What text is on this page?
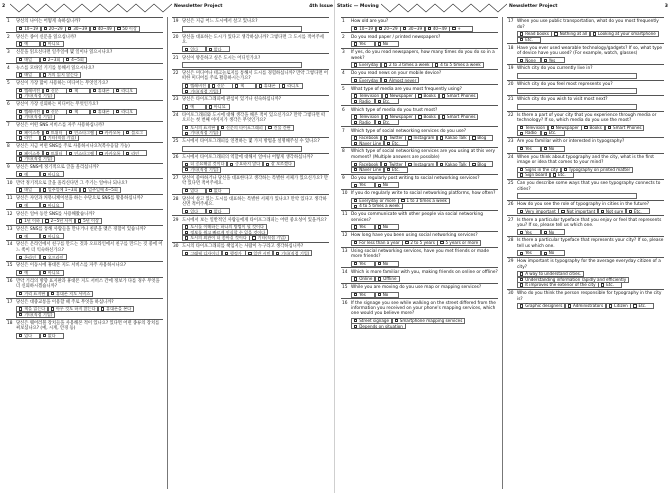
2	Newsletter Project	4th Issue
1	당신의 나이는 어떻게 속하십니까?
10~19	20~29	30~39	40~49	50 이상
2	당신은 종이 신문을 읽으십니까?
예	아니요
3	신문을 읽으신다면 일주일에 몇 일이나 읽으시나요?
매일	2~3회	4~5회
4	뉴스를 모바일 기기를 통해서 읽으시나요?
매일	거의 읽지 않는다
5	당신이 가장 많이 사용하는 미디어는 무엇인가요?
텔레비전	신문	책	휴대폰	라디오
기타(직접 기입)
6	당신이 가장 신뢰하는 미디어는 무엇인가요?
텔레비전	신문	책	휴대폰	라디오
기타(직접 기입)
7	당신은 어떤 SNS 서비스를 자주 사용하십니까?
페이스북	트위터	인스타그램	카카오톡	블로그
라인	기타(직접 기입)
8	당신은 지금 어떤 SNS를 주로 사용하시나요?(복수응답 가능)
페이스북	트위터	인스타그램	카카오톡	라인
기타(직접 기입)
9	당신은 SNS에 정기적으로 글을 올리십니까?
예	아니요
10 만약 정기적으로 글을 올리신다면 그 주기는 얼마나 되나요?
매일	일주일에 1~3회	일주일에 4~5회
11 당신은 자연과 커뮤니케이션을 하는 수단으로 SNS를 활용하십니까?
예	아니요
12 당신은 얼마 동안 SNS를 사용해왔습니까?
1년 이하	2~5년 사이	5년 이상
13 당신은 SNS를 통해 사람들을 만나거나 친분을 맺은 경험이 있습니까?
예	아니요
14 당신은 온라인에서 친구를 만드는 것과 오프라인에서 친구를 만드는 것 중에 어느 쪽이 더 익숙하신가요?
온라인	오프라인
15 당신은 이동시에 휴대폰 지도 서비스를 자주 사용하시나요?
예	아니요
16 만약 거리의 방향 표지판과 휴대폰 지도 서비스 간에 정보가 다를 경우 무엇을 더 신뢰하시겠습니까?
거리 표지판	휴대폰 지도 서비스
17 당신은 대중교통을 이용할 때 주로 무엇을 하십니까?
책을 읽는다	아무 것도 하지 않는다	휴대폰을 본다
기타(직접 기입)
18 당신은 웨어러블 장치들을 사용해본 적이 있나요? 있다면 어떤 종류의 장치를 써보셨나요? (예, 시계, 안경 등)
있다	없다
19 당신은 지금 어느 도시에서 살고 있나요?
20 당신을 대표하는 도시가 있다고 생각하십니까? 그렇다면 그 도시를 적어주세요.
있다	없다
21 당신이 방문하고 싶은 도시는 어디인가요?
22 당신은 미디어나 테크놀로지를 통해서 도시를 경험하십니까? 만약 그렇다면 어떠한 미디어를 주로 활용하시는가요?
텔레비전	신문	책	휴대폰	라디오
기타(직접 기입)
23 당신은 타이포그래피에 관심이 있거나 친숙하십니까?
예	아니요
24 타이포그래피와 도시에 대해 생각을 해본 적이 있으신가요? 만약 그렇다면 떠오르는 첫 번째 이미지가 생각은 무엇인가요?
도시의 표지판	신문의 타이포그래피	건물 간판
기타(직접 기입)
25 도시에서 타이포그래피를 연결하는 몇 가지 방법을 설명해주실 수 있나요?
26 도시에서 타이포그래피의 역할에 대해서 얼마나 어떻게 생각하십니까?
더 중요해질 것이다	중요하지 않다	잘 모르겠다
기타(직접 기입)
27 당신이 좋아하거나 당신을 대표한다고 생각하는 특별한 서체가 있으신가요? 만약 있다면 적어주세요.
있다	없다
28 당신이 살고 있는 도시를 대표하는 특별한 서체가 있나요? 만약 있다고 생각하신면 적어주세요.
있다	없다
29 도시에서 보는 일반적인 사람들에게 타이포그래피는 어떤 중요성이 있을까요?
도시를 이해하는 하나의 방법이 될 것이다
정보를 쉽고 빠르게 인식할 수 있을 것이다
도시의 외관이 더 좋아질 것이다	기타(직접 기입)
30 도시의 타이포그래피를 책임지는 사람이 누구라고 생각하십니까?
그래픽 디자이너	행정가	일반 시민	기타(직접 기입)
Static — Moving	Newsletter Project	3
1	How old are you?
10~19	20~29	30~39	40~49	+
2	Do you read paper / printed newspapers?
Yes	No
3	If yes, do you read newspapers, how many times do you do so in a week?
Everyday	2 to 3 times a week	4 to 5 times a week
4	Do you read news on your mobile device?
Everyday	Almost never
5	What type of media are you most frequently using?
Television	Newspaper	Books	Smart Phones
Radio	Etc.
6	Which type of media do you trust most?
Television	Newspaper	Books	Smart Phones
Radio	Etc.
7	Which type of social networking services do you use?
Facebook	Twitter	Instagram	Kakao Talk	Blog
Naver Line	Etc.
8	Which type of social networking services are you using at this very moment? (Multiple answers are possible)
Facebook	Twitter	Instagram	Kakao Talk	Blog
Naver Line	Etc.
9	Do you regularly post writing to social networking services?
Yes	No
10 If you do regularly write to social networking platforms, how often?
Everyday or more	1 to 3 times a week
4 to 5 times a week
11 Do you communicate with other people via social networking services?
Yes	No
12 How long have you been using social networking services?
For less than a year	2 to 5 years	5 years or more
13 Using social networking services, have you met friends or made more friends?
Yes	No
14 Which is more familiar with you, making friends on online or offline?
Online	Offline
15 While you are moving do you use map or mapping services?
Yes	No
16 If the signage you see while walking on the street differed from the information you received on your phone's mapping services, which one would you believe more?
Street signage	Smartphone mapping services
Depends on situation
17 When you use public transportation, what do you most frequently do?
Read books	Nothing at all	Looking at your smartphone
Etc.
18 Have you ever used wearable technology/gadgets? If so, what type of device have you used? (For example, watch, glasses)
None	Yes
19 Which city do you currently live in?
20 Which city do you feel most represents you?
21 Which city do you wish to visit most next?
22 Is there a part of your city that you experience through media or technology? If so, which media do you use the most?
Television	Newspaper	Books	Smart Phones
Radio	Etc.
23 Are you familiar with or interested in typography?
Yes	No
24 When you think about typography and the city, what is the first image or idea that comes to your mind?
Signs in the city	Typography on printed matter
Sign board	Etc.
25 Can you describe some ways that you see typography connects to cities?
26 How do you see the role of typography in cities in the future?
Very important	Not important	Not sure	Etc.
27 Is there a particular typeface that you enjoy or feel that represents you? If so, please tell us which one.
Yes	No
28 Is there a particular typeface that represents your city? If so, please tell us which one.
Yes	No
29 How important is typography for the average everyday citizen of a city?
A way to understand cities.
Understanding information rapidly and efficiently
It improves the exterior of the city	Etc.
30 Who do you think the person responsible for typography in the city is?
Graphic designers	Administrators	Citizen	Etc.
